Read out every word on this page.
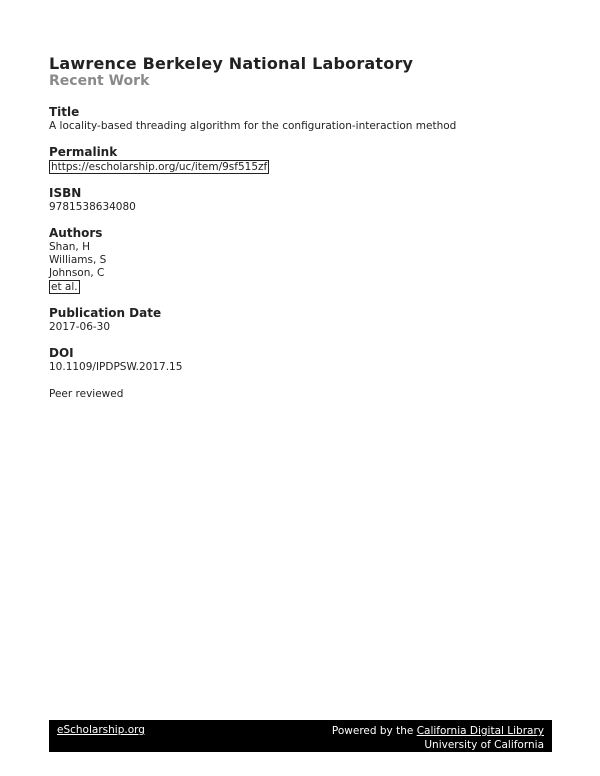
Lawrence Berkeley National Laboratory

Recent Work

Title

A locality-based threading algorithm for the configuration-interaction method

Permalink

https://escholarship.org/uc/item/9sf515zf

ISBN

9781538634080

Authors

Shan, H

Williams, S

Johnson, C

et al.

Publication Date

2017-06-30

DOI

10.1109/IPDPSW.2017.15

Peer reviewed

eScholarship.org	Powered by the California Digital Library
University of California
